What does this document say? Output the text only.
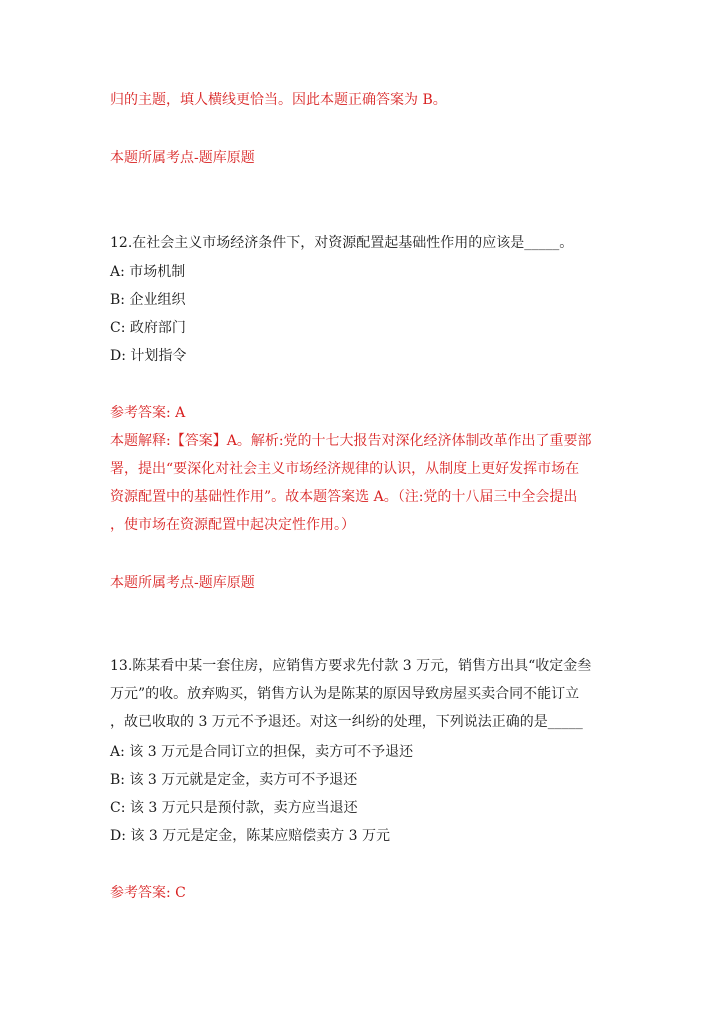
归的主题，填人横线更恰当。因此本题正确答案为 B。
本题所属考点-题库原题
12.在社会主义市场经济条件下，对资源配置起基础性作用的应该是_____。
A: 市场机制
B: 企业组织
C: 政府部门
D: 计划指令
参考答案: A
本题解释:【答案】A。解析:党的十七大报告对深化经济体制改革作出了重要部
署，提出“要深化对社会主义市场经济规律的认识，从制度上更好发挥市场在
资源配置中的基础性作用”。故本题答案选 A。（注:党的十八届三中全会提出
，使市场在资源配置中起决定性作用。）
本题所属考点-题库原题
13.陈某看中某一套住房，应销售方要求先付款 3 万元，销售方出具“收定金叁
万元”的收。放弃购买，销售方认为是陈某的原因导致房屋买卖合同不能订立
，故已收取的 3 万元不予退还。对这一纠纷的处理，下列说法正确的是_____
A: 该 3 万元是合同订立的担保，卖方可不予退还
B: 该 3 万元就是定金，卖方可不予退还
C: 该 3 万元只是预付款，卖方应当退还
D: 该 3 万元是定金，陈某应赔偿卖方 3 万元
参考答案: C
